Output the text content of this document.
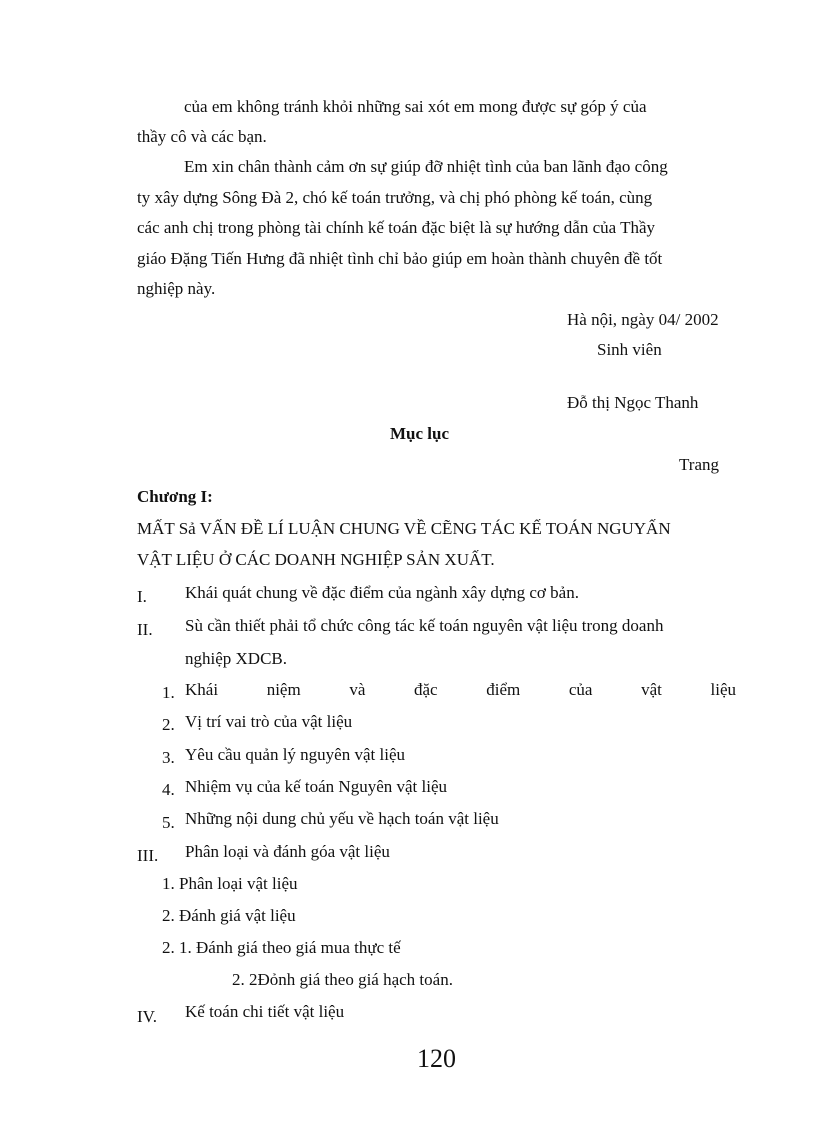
của em không tránh khỏi những sai xót em mong được sự góp ý của
thầy cô và các bạn.
Em xin chân thành cảm ơn sự giúp đỡ nhiệt tình của ban lãnh đạo công
ty xây dựng Sông Đà 2, chó kế toán trưởng, và chị phó phòng kế toán, cùng
các anh chị trong phòng tài chính kế toán đặc biệt là sự hướng dẫn của Thầy
giáo Đặng Tiến Hưng đã nhiệt tình chỉ bảo giúp em hoàn thành chuyên đề tốt
nghiệp này.
Hà nội, ngày 04/ 2002
Sinh viên
Đỗ thị Ngọc Thanh
Mục lục
Trang
Chương I:
MẤT Sả VẤN ĐỀ LÍ LUẬN CHUNG VỀ CẼNG TÁC KẾ TOÁN NGUYẤN
VẬT LIỆU Ở CÁC DOANH NGHIỆP SẢN XUẤT.
I. Khái quát chung về đặc điểm của ngành xây dựng cơ bản.
II. Sù cần thiết phải tổ chức công tác kế toán nguyên vật liệu trong doanh
nghiệp XDCB.
1. Khái	niệm	và	đặc	điểm	của	vật	liệu
2. Vị trí vai trò của vật liệu
3. Yêu cầu quản lý nguyên vật liệu
4. Nhiệm vụ của kế toán Nguyên vật liệu
5. Những nội dung chủ yếu về hạch toán vật liệu
III. Phân loại và đánh góa vật liệu
1. Phân loại vật liệu
2. Đánh giá vật liệu
2. 1. Đánh giá theo giá mua thực tế
2. 2Đỏnh giá theo giá hạch toán.
IV. Kế toán chi tiết vật liệu
120
